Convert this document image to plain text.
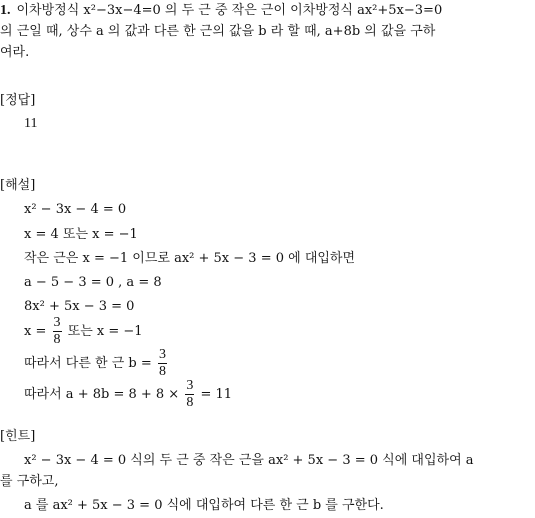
1. 이차방정식 x²−3x−4=0 의 두 근 중 작은 근이 이차방정식 ax²+5x−3=0
의 근일 때, 상수 a 의 값과 다른 한 근의 값을 b 라 할 때, a+8b 의 값을 구하
여라.
[정답]
11
[해설]
x² − 3x − 4 = 0
x = 4 또는 x = −1
작은 근은 x = −1 이므로 ax² + 5x − 3 = 0 에 대입하면
a − 5 − 3 = 0 , a = 8
8x² + 5x − 3 = 0
$x = \frac{3}{8}$ 또는 x = −1
따라서 다른 한 근 $b = \frac{3}{8}$
따라서 $a + 8b = 8 + 8 \times \frac{3}{8} = 11$
[힌트]
x² − 3x − 4 = 0 식의 두 근 중 작은 근을 ax² + 5x − 3 = 0 식에 대입하여 a
를 구하고,
a 를 ax² + 5x − 3 = 0 식에 대입하여 다른 한 근 b 를 구한다.
